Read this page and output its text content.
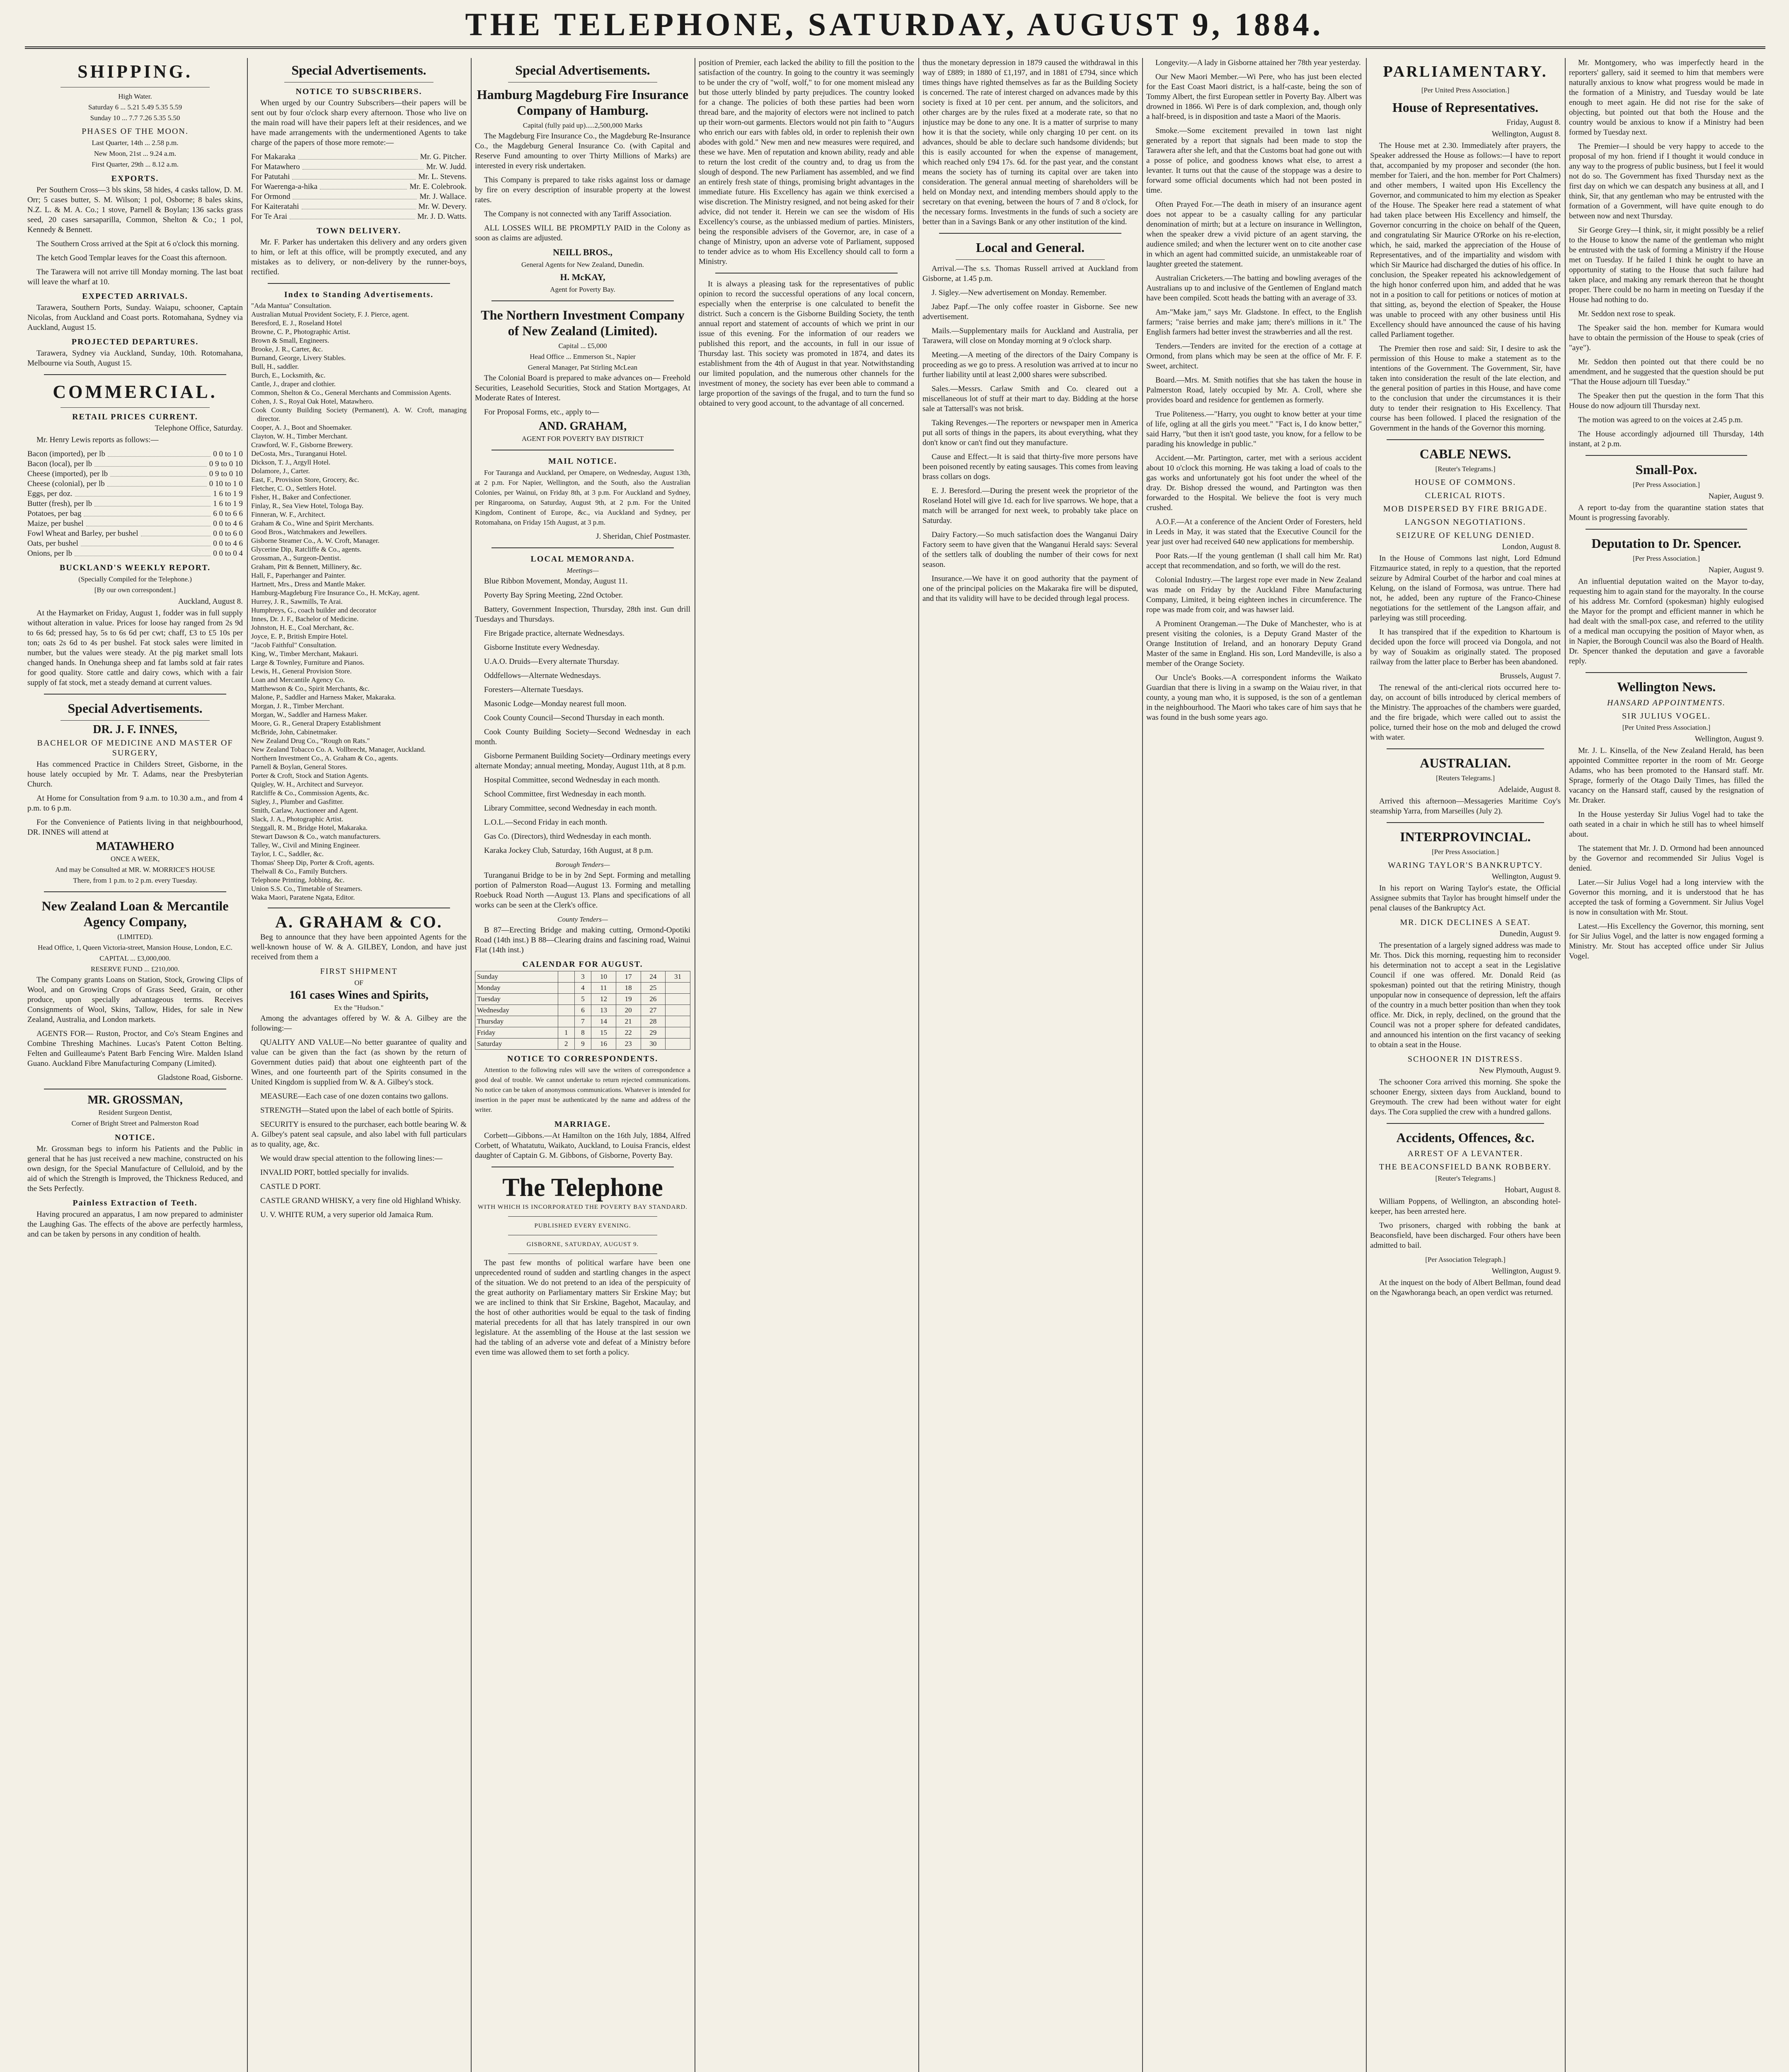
THE TELEPHONE, SATURDAY, AUGUST 9, 1884.
SHIPPING.
High Water.
Saturday 6 ... 5.21 5.49 5.35 5.59
Sunday 10 ... 7.7 7.26 5.35 5.50
PHASES OF THE MOON.
Last Quarter, 14th ... 2.58 p.m.
New Moon, 21st ... 9.24 a.m.
First Quarter, 29th ... 8.12 a.m.
EXPORTS.

Per Southern Cross—3 bls skins, 58 hides, 4 casks tallow, D. M. Orr; 5 cases butter, S. M. Wilson; 1 pol, Osborne; 8 bales skins, N.Z. L. & M. A. Co.; 1 stove, Parnell & Boylan; 136 sacks grass seed, 20 cases sarsaparilla, Common, Shelton & Co.; 1 pol, Kennedy & Bennett.

The Southern Cross arrived at the Spit at 6 o'clock this morning.

The ketch Good Templar leaves for the Coast this afternoon.

The Tarawera will not arrive till Monday morning. The last boat will leave the wharf at 10.

EXPECTED ARRIVALS.

Tarawera, Southern Ports, Sunday. Waiapu, schooner, Captain Nicolas, from Auckland and Coast ports. Rotomahana, Sydney via Auckland, August 15.

PROJECTED DEPARTURES.

Tarawera, Sydney via Auckland, Sunday, 10th. Rotomahana, Melbourne via South, August 15.

COMMERCIAL.
RETAIL PRICES CURRENT.
Telephone Office, Saturday.

Mr. Henry Lewis reports as follows:—

Bacon (imported), per lb	0 0 to 1 0
Bacon (local), per lb	0 9 to 0 10
Cheese (imported), per lb	0 9 to 0 10
Cheese (colonial), per lb	0 10 to 1 0
Eggs, per doz.	1 6 to 1 9
Butter (fresh), per lb	1 6 to 1 9
Potatoes, per bag	6 0 to 6 6
Maize, per bushel	0 0 to 4 6
Fowl Wheat and Barley, per bushel	0 0 to 6 0
Oats, per bushel	0 0 to 4 6
Onions, per lb	0 0 to 0 4
BUCKLAND'S WEEKLY REPORT.
(Specially Compiled for the Telephone.)
[By our own correspondent.]
Auckland, August 8.

At the Haymarket on Friday, August 1, fodder was in full supply without alteration in value. Prices for loose hay ranged from 2s 9d to 6s 6d; pressed hay, 5s to 6s 6d per cwt; chaff, £3 to £5 10s per ton; oats 2s 6d to 4s per bushel. Fat stock sales were limited in number, but the values were steady. At the pig market small lots changed hands. In Onehunga sheep and fat lambs sold at fair rates for good quality. Store cattle and dairy cows, which with a fair supply of fat stock, met a steady demand at current values.

Special Advertisements.
DR. J. F. INNES,
BACHELOR OF MEDICINE AND MASTER OF SURGERY,

Has commenced Practice in Childers Street, Gisborne, in the house lately occupied by Mr. T. Adams, near the Presbyterian Church.

At Home for Consultation from 9 a.m. to 10.30 a.m., and from 4 p.m. to 6 p.m.

For the Convenience of Patients living in that neighbourhood, DR. INNES will attend at

MATAWHERO
ONCE A WEEK,
And may be Consulted at MR. W. MORRICE'S HOUSE
There, from 1 p.m. to 2 p.m. every Tuesday.
New Zealand Loan & Mercantile Agency Company,
(LIMITED).
Head Office, 1, Queen Victoria-street, Mansion House, London, E.C.
CAPITAL ... £3,000,000.
RESERVE FUND ... £210,000.

The Company grants Loans on Station, Stock, Growing Clips of Wool, and on Growing Crops of Grass Seed, Grain, or other produce, upon specially advantageous terms. Receives Consignments of Wool, Skins, Tallow, Hides, for sale in New Zealand, Australia, and London markets.

AGENTS FOR— Ruston, Proctor, and Co's Steam Engines and Combine Threshing Machines. Lucas's Patent Cotton Belting. Felten and Guilleaume's Patent Barb Fencing Wire. Malden Island Guano. Auckland Fibre Manufacturing Company (Limited).

Gladstone Road, Gisborne.
MR. GROSSMAN,
Resident Surgeon Dentist,
Corner of Bright Street and Palmerston Road
NOTICE.

Mr. Grossman begs to inform his Patients and the Public in general that he has just received a new machine, constructed on his own design, for the Special Manufacture of Celluloid, and by the aid of which the Strength is Improved, the Thickness Reduced, and the Sets Perfectly.

Painless Extraction of Teeth.

Having procured an apparatus, I am now prepared to administer the Laughing Gas. The effects of the above are perfectly harmless, and can be taken by persons in any condition of health.

Special Advertisements.
NOTICE TO SUBSCRIBERS.

When urged by our Country Subscribers—their papers will be sent out by four o'clock sharp every afternoon. Those who live on the main road will have their papers left at their residences, and we have made arrangements with the undermentioned Agents to take charge of the papers of those more remote:—

For Makaraka	Mr. G. Pitcher.
For Matawhero	Mr. W. Judd.
For Patutahi	Mr. L. Stevens.
For Waerenga-a-hika	Mr. E. Colebrook.
For Ormond	Mr. J. Wallace.
For Kaiteratahi	Mr. W. Devery.
For Te Arai	Mr. J. D. Watts.
TOWN DELIVERY.

Mr. F. Parker has undertaken this delivery and any orders given to him, or left at this office, will be promptly executed, and any mistakes as to delivery, or non-delivery by the runner-boys, rectified.

Index to Standing Advertisements.
"Ada Mantua" Consultation.
Australian Mutual Provident Society, F. J. Pierce, agent.
Beresford, E. J., Roseland Hotel
Browne, C. P., Photographic Artist.
Brown & Small, Engineers.
Brooke, J. R., Carter, &c.
Burnand, George, Livery Stables.
Bull, H., saddler.
Burch, E., Locksmith, &c.
Cantle, J., draper and clothier.
Common, Shelton & Co., General Merchants and Commission Agents.
Cohen, J. S., Royal Oak Hotel, Matawhero.
Cook County Building Society (Permanent), A. W. Croft, managing director.
Cooper, A. J., Boot and Shoemaker.
Clayton, W. H., Timber Merchant.
Crawford, W. F., Gisborne Brewery.
DeCosta, Mrs., Turanganui Hotel.
Dickson, T. J., Argyll Hotel.
Dolamore, J., Carter.
East, F., Provision Store, Grocery, &c.
Fletcher, C. O., Settlers Hotel.
Fisher, H., Baker and Confectioner.
Finlay, R., Sea View Hotel, Tologa Bay.
Finneran, W. F., Architect.
Graham & Co., Wine and Spirit Merchants.
Good Bros., Watchmakers and Jewellers.
Gisborne Steamer Co., A. W. Croft, Manager.
Glycerine Dip, Ratcliffe & Co., agents.
Grossman, A., Surgeon-Dentist.
Graham, Pitt & Bennett, Millinery, &c.
Hall, F., Paperhanger and Painter.
Hartnett, Mrs., Dress and Mantle Maker.
Hamburg-Magdeburg Fire Insurance Co., H. McKay, agent.
Hurrey, J. R., Sawmills, Te Arai.
Humphreys, G., coach builder and decorator
Innes, Dr. J. F., Bachelor of Medicine.
Johnston, H. E., Coal Merchant, &c.
Joyce, E. P., British Empire Hotel.
"Jacob Faithful" Consultation.
King, W., Timber Merchant, Makauri.
Large & Townley, Furniture and Pianos.
Lewis, H., General Provision Store.
Loan and Mercantile Agency Co.
Matthewson & Co., Spirit Merchants, &c.
Malone, P., Saddler and Harness Maker, Makaraka.
Morgan, J. R., Timber Merchant.
Morgan, W., Saddler and Harness Maker.
Moore, G. R., General Drapery Establishment
McBride, John, Cabinetmaker.
New Zealand Drug Co., "Rough on Rats."
New Zealand Tobacco Co. A. Vollbrecht, Manager, Auckland.
Northern Investment Co., A. Graham & Co., agents.
Parnell & Boylan, General Stores.
Porter & Croft, Stock and Station Agents.
Quigley, W. H., Architect and Surveyor.
Ratcliffe & Co., Commission Agents, &c.
Sigley, J., Plumber and Gasfitter.
Smith, Carlaw, Auctioneer and Agent.
Slack, J. A., Photographic Artist.
Steggall, R. M., Bridge Hotel, Makaraka.
Stewart Dawson & Co., watch manufacturers.
Talley, W., Civil and Mining Engineer.
Taylor, I. C., Saddler, &c.
Thomas' Sheep Dip, Porter & Croft, agents.
Thelwall & Co., Family Butchers.
Telephone Printing, Jobbing, &c.
Union S.S. Co., Timetable of Steamers.
Waka Maori, Paratene Ngata, Editor.
A. GRAHAM & CO.

Beg to announce that they have been appointed Agents for the well-known house of W. & A. GILBEY, London, and have just received from them a

FIRST SHIPMENT
OF
161 cases Wines and Spirits,
Ex the "Hudson."

Among the advantages offered by W. & A. Gilbey are the following:—

QUALITY AND VALUE—No better guarantee of quality and value can be given than the fact (as shown by the return of Government duties paid) that about one eighteenth part of the Wines, and one fourteenth part of the Spirits consumed in the United Kingdom is supplied from W. & A. Gilbey's stock.

MEASURE—Each case of one dozen contains two gallons.

STRENGTH—Stated upon the label of each bottle of Spirits.

SECURITY is ensured to the purchaser, each bottle bearing W. & A. Gilbey's patent seal capsule, and also label with full particulars as to quality, age, &c.

We would draw special attention to the following lines:—

INVALID PORT, bottled specially for invalids.

CASTLE D PORT.

CASTLE GRAND WHISKY, a very fine old Highland Whisky.

U. V. WHITE RUM, a very superior old Jamaica Rum.

Special Advertisements.
Hamburg Magdeburg Fire Insurance Company of Hamburg.
Capital (fully paid up).....2,500,000 Marks

The Magdeburg Fire Insurance Co., the Magdeburg Re-Insurance Co., the Magdeburg General Insurance Co. (with Capital and Reserve Fund amounting to over Thirty Millions of Marks) are interested in every risk undertaken.

This Company is prepared to take risks against loss or damage by fire on every description of insurable property at the lowest rates.

The Company is not connected with any Tariff Association.

ALL LOSSES WILL BE PROMPTLY PAID in the Colony as soon as claims are adjusted.

NEILL BROS.,
General Agents for New Zealand, Dunedin.
H. McKAY,
Agent for Poverty Bay.
The Northern Investment Company of New Zealand (Limited).
Capital ... £5,000
Head Office ... Emmerson St., Napier
General Manager, Pat Stirling McLean

The Colonial Board is prepared to make advances on— Freehold Securities, Leasehold Securities, Stock and Station Mortgages, At Moderate Rates of Interest.

For Proposal Forms, etc., apply to—

AND. GRAHAM,
AGENT FOR POVERTY BAY DISTRICT
MAIL NOTICE.

For Tauranga and Auckland, per Omapere, on Wednesday, August 13th, at 2 p.m. For Napier, Wellington, and the South, also the Australian Colonies, per Wainui, on Friday 8th, at 3 p.m. For Auckland and Sydney, per Ringarooma, on Saturday, August 9th, at 2 p.m. For the United Kingdom, Continent of Europe, &c., via Auckland and Sydney, per Rotomahana, on Friday 15th August, at 3 p.m.

J. Sheridan, Chief Postmaster.
LOCAL MEMORANDA.
Meetings—

Blue Ribbon Movement, Monday, August 11.

Poverty Bay Spring Meeting, 22nd October.

Battery, Government Inspection, Thursday, 28th inst. Gun drill Tuesdays and Thursdays.

Fire Brigade practice, alternate Wednesdays.

Gisborne Institute every Wednesday.

U.A.O. Druids—Every alternate Thursday.

Oddfellows—Alternate Wednesdays.

Foresters—Alternate Tuesdays.

Masonic Lodge—Monday nearest full moon.

Cook County Council—Second Thursday in each month.

Cook County Building Society—Second Wednesday in each month.

Gisborne Permanent Building Society—Ordinary meetings every alternate Monday; annual meeting, Monday, August 11th, at 8 p.m.

Hospital Committee, second Wednesday in each month.

School Committee, first Wednesday in each month.

Library Committee, second Wednesday in each month.

L.O.L.—Second Friday in each month.

Gas Co. (Directors), third Wednesday in each month.

Karaka Jockey Club, Saturday, 16th August, at 8 p.m.

Borough Tenders—

Turanganui Bridge to be in by 2nd Sept. Forming and metalling portion of Palmerston Road—August 13. Forming and metalling Roebuck Road North —August 13. Plans and specifications of all works can be seen at the Clerk's office.

County Tenders—

B 87—Erecting Bridge and making cutting, Ormond-Opotiki Road (14th inst.) B 88—Clearing drains and fascining road, Wainui Flat (14th inst.)

CALENDAR FOR AUGUST.
Sunday		3	10	17	24	31
Monday		4	11	18	25	
Tuesday		5	12	19	26	
Wednesday		6	13	20	27	
Thursday		7	14	21	28	
Friday	1	8	15	22	29	
Saturday	2	9	16	23	30	
NOTICE TO CORRESPONDENTS.

Attention to the following rules will save the writers of correspondence a good deal of trouble. We cannot undertake to return rejected communications. No notice can be taken of anonymous communications. Whatever is intended for insertion in the paper must be authenticated by the name and address of the writer.

MARRIAGE.

Corbett—Gibbons.—At Hamilton on the 16th July, 1884, Alfred Corbett, of Whatatutu, Waikato, Auckland, to Louisa Francis, eldest daughter of Captain G. M. Gibbons, of Gisborne, Poverty Bay.

The Telephone
WITH WHICH IS INCORPORATED THE POVERTY BAY STANDARD.
PUBLISHED EVERY EVENING.
GISBORNE, SATURDAY, AUGUST 9.

The past few months of political warfare have been one unprecedented round of sudden and startling changes in the aspect of the situation. We do not pretend to an idea of the perspicuity of the great authority on Parliamentary matters Sir Erskine May; but we are inclined to think that Sir Erskine, Bagehot, Macaulay, and the host of other authorities would be equal to the task of finding material precedents for all that has lately transpired in our own legislature. At the assembling of the House at the last session we had the tabling of an adverse vote and defeat of a Ministry before even time was allowed them to set forth a policy.

position of Premier, each lacked the ability to fill the position to the satisfaction of the country. In going to the country it was seemingly to be under the cry of "wolf, wolf," to for one moment mislead any but those utterly blinded by party prejudices. The country looked for a change. The policies of both these parties had been worn thread bare, and the majority of electors were not inclined to patch up their worn-out garments. Electors would not pin faith to "Augurs who enrich our ears with fables old, in order to replenish their own abodes with gold." New men and new measures were required, and these we have. Men of reputation and known ability, ready and able to return the lost credit of the country and, to drag us from the slough of despond. The new Parliament has assembled, and we find an entirely fresh state of things, promising bright advantages in the immediate future. His Excellency has again we think exercised a wise discretion. The Ministry resigned, and not being asked for their advice, did not tender it. Herein we can see the wisdom of His Excellency's course, as the unbiassed medium of parties. Ministers, being the responsible advisers of the Governor, are, in case of a change of Ministry, upon an adverse vote of Parliament, supposed to tender advice as to whom His Excellency should call to form a Ministry.

It is always a pleasing task for the representatives of public opinion to record the successful operations of any local concern, especially when the enterprise is one calculated to benefit the district. Such a concern is the Gisborne Building Society, the tenth annual report and statement of accounts of which we print in our issue of this evening. For the information of our readers we published this report, and the accounts, in full in our issue of Thursday last. This society was promoted in 1874, and dates its establishment from the 4th of August in that year. Notwithstanding our limited population, and the numerous other channels for the investment of money, the society has ever been able to command a large proportion of the savings of the frugal, and to turn the fund so obtained to very good account, to the advantage of all concerned.

thus the monetary depression in 1879 caused the withdrawal in this way of £889; in 1880 of £1,197, and in 1881 of £794, since which times things have righted themselves as far as the Building Society is concerned. The rate of interest charged on advances made by this society is fixed at 10 per cent. per annum, and the solicitors, and other charges are by the rules fixed at a moderate rate, so that no injustice may be done to any one. It is a matter of surprise to many how it is that the society, while only charging 10 per cent. on its advances, should be able to declare such handsome dividends; but this is easily accounted for when the expense of management, which reached only £94 17s. 6d. for the past year, and the constant means the society has of turning its capital over are taken into consideration. The general annual meeting of shareholders will be held on Monday next, and intending members should apply to the secretary on that evening, between the hours of 7 and 8 o'clock, for the necessary forms. Investments in the funds of such a society are better than in a Savings Bank or any other institution of the kind.

Local and General.

Arrival.—The s.s. Thomas Russell arrived at Auckland from Gisborne, at 1.45 p.m.

J. Sigley.—New advertisement on Monday. Remember.

Jabez Papf.—The only coffee roaster in Gisborne. See new advertisement.

Mails.—Supplementary mails for Auckland and Australia, per Tarawera, will close on Monday morning at 9 o'clock sharp.

Meeting.—A meeting of the directors of the Dairy Company is proceeding as we go to press. A resolution was arrived at to incur no further liability until at least 2,000 shares were subscribed.

Sales.—Messrs. Carlaw Smith and Co. cleared out a miscellaneous lot of stuff at their mart to day. Bidding at the horse sale at Tattersall's was not brisk.

Taking Revenges.—The reporters or newspaper men in America put all sorts of things in the papers, its about everything, what they don't know or can't find out they manufacture.

Cause and Effect.—It is said that thirty-five more persons have been poisoned recently by eating sausages. This comes from leaving brass collars on dogs.

E. J. Beresford.—During the present week the proprietor of the Roseland Hotel will give 1d. each for live sparrows. We hope, that a match will be arranged for next week, to probably take place on Saturday.

Dairy Factory.—So much satisfaction does the Wanganui Dairy Factory seem to have given that the Wanganui Herald says: Several of the settlers talk of doubling the number of their cows for next season.

Insurance.—We have it on good authority that the payment of one of the principal policies on the Makaraka fire will be disputed, and that its validity will have to be decided through legal process.

Longevity.—A lady in Gisborne attained her 78th year yesterday.

Our New Maori Member.—Wi Pere, who has just been elected for the East Coast Maori district, is a half-caste, being the son of Tommy Albert, the first European settler in Poverty Bay. Albert was drowned in 1866. Wi Pere is of dark complexion, and, though only a half-breed, is in disposition and taste a Maori of the Maoris.

Smoke.—Some excitement prevailed in town last night generated by a report that signals had been made to stop the Tarawera after she left, and that the Customs boat had gone out with a posse of police, and goodness knows what else, to arrest a levanter. It turns out that the cause of the stoppage was a desire to forward some official documents which had not been posted in time.

Often Prayed For.—The death in misery of an insurance agent does not appear to be a casualty calling for any particular denomination of mirth; but at a lecture on insurance in Wellington, when the speaker drew a vivid picture of an agent starving, the audience smiled; and when the lecturer went on to cite another case in which an agent had committed suicide, an unmistakeable roar of laughter greeted the statement.

Australian Cricketers.—The batting and bowling averages of the Australians up to and inclusive of the Gentlemen of England match have been compiled. Scott heads the batting with an average of 33.

Am-"Make jam," says Mr. Gladstone. In effect, to the English farmers; "raise berries and make jam; there's millions in it." The English farmers had better invest the strawberries and all the rest.

Tenders.—Tenders are invited for the erection of a cottage at Ormond, from plans which may be seen at the office of Mr. F. F. Sweet, architect.

Board.—Mrs. M. Smith notifies that she has taken the house in Palmerston Road, lately occupied by Mr. A. Croll, where she provides board and residence for gentlemen as formerly.

True Politeness.—"Harry, you ought to know better at your time of life, ogling at all the girls you meet." "Fact is, I do know better," said Harry, "but then it isn't good taste, you know, for a fellow to be parading his knowledge in public."

Accident.—Mr. Partington, carter, met with a serious accident about 10 o'clock this morning. He was taking a load of coals to the gas works and unfortunately got his foot under the wheel of the dray. Dr. Bishop dressed the wound, and Partington was then forwarded to the Hospital. We believe the foot is very much crushed.

A.O.F.—At a conference of the Ancient Order of Foresters, held in Leeds in May, it was stated that the Executive Council for the year just over had received 640 new applications for membership.

Poor Rats.—If the young gentleman (I shall call him Mr. Rat) accept that recommendation, and so forth, we will do the rest.

Colonial Industry.—The largest rope ever made in New Zealand was made on Friday by the Auckland Fibre Manufacturing Company, Limited, it being eighteen inches in circumference. The rope was made from coir, and was hawser laid.

A Prominent Orangeman.—The Duke of Manchester, who is at present visiting the colonies, is a Deputy Grand Master of the Orange Institution of Ireland, and an honorary Deputy Grand Master of the same in England. His son, Lord Mandeville, is also a member of the Orange Society.

Our Uncle's Books.—A correspondent informs the Waikato Guardian that there is living in a swamp on the Waiau river, in that county, a young man who, it is supposed, is the son of a gentleman in the neighbourhood. The Maori who takes care of him says that he was found in the bush some years ago.

PARLIAMENTARY.
[Per United Press Association.]
House of Representatives.
Friday, August 8.
Wellington, August 8.

The House met at 2.30. Immediately after prayers, the Speaker addressed the House as follows:—I have to report that, accompanied by my proposer and seconder (the hon. member for Taieri, and the hon. member for Port Chalmers) and other members, I waited upon His Excellency the Governor, and communicated to him my election as Speaker of the House. The Speaker here read a statement of what had taken place between His Excellency and himself, the Governor concurring in the choice on behalf of the Queen, and congratulating Sir Maurice O'Rorke on his re-election, which, he said, marked the appreciation of the House of Representatives, and of the impartiality and wisdom with which Sir Maurice had discharged the duties of his office. In conclusion, the Speaker repeated his acknowledgement of the high honor conferred upon him, and added that he was not in a position to call for petitions or notices of motion at that sitting, as, beyond the election of Speaker, the House was unable to proceed with any other business until His Excellency should have announced the cause of his having called Parliament together.

The Premier then rose and said: Sir, I desire to ask the permission of this House to make a statement as to the intentions of the Government. The Government, Sir, have taken into consideration the result of the late election, and the general position of parties in this House, and have come to the conclusion that under the circumstances it is their duty to tender their resignation to His Excellency. That course has been followed. I placed the resignation of the Government in the hands of the Governor this morning.

CABLE NEWS.
[Reuter's Telegrams.]
HOUSE OF COMMONS.
CLERICAL RIOTS.
MOB DISPERSED BY FIRE BRIGADE.
LANGSON NEGOTIATIONS.
SEIZURE OF KELUNG DENIED.
London, August 8.

In the House of Commons last night, Lord Edmund Fitzmaurice stated, in reply to a question, that the reported seizure by Admiral Courbet of the harbor and coal mines at Kelung, on the island of Formosa, was untrue. There had not, he added, been any rupture of the Franco-Chinese negotiations for the settlement of the Langson affair, and parleying was still proceeding.

It has transpired that if the expedition to Khartoum is decided upon the force will proceed via Dongola, and not by way of Souakim as originally stated. The proposed railway from the latter place to Berber has been abandoned.

Brussels, August 7.

The renewal of the anti-clerical riots occurred here to-day, on account of bills introduced by clerical members of the Ministry. The approaches of the chambers were guarded, and the fire brigade, which were called out to assist the police, turned their hose on the mob and deluged the crowd with water.

AUSTRALIAN.
[Reuters Telegrams.]
Adelaide, August 8.

Arrived this afternoon—Messageries Maritime Coy's steamship Yarra, from Marseilles (July 2).

INTERPROVINCIAL.
[Per Press Association.]
WARING TAYLOR'S BANKRUPTCY.
Wellington, August 9.

In his report on Waring Taylor's estate, the Official Assignee submits that Taylor has brought himself under the penal clauses of the Bankruptcy Act.

MR. DICK DECLINES A SEAT.
Dunedin, August 9.

The presentation of a largely signed address was made to Mr. Thos. Dick this morning, requesting him to reconsider his determination not to accept a seat in the Legislative Council if one was offered. Mr. Donald Reid (as spokesman) pointed out that the retiring Ministry, though unpopular now in consequence of depression, left the affairs of the country in a much better position than when they took office. Mr. Dick, in reply, declined, on the ground that the Council was not a proper sphere for defeated candidates, and announced his intention on the first vacancy of seeking to obtain a seat in the House.

SCHOONER IN DISTRESS.
New Plymouth, August 9.

The schooner Cora arrived this morning. She spoke the schooner Energy, sixteen days from Auckland, bound to Greymouth. The crew had been without water for eight days. The Cora supplied the crew with a hundred gallons.

Accidents, Offences, &c.
ARREST OF A LEVANTER.
THE BEACONSFIELD BANK ROBBERY.
[Reuter's Telegrams.]
Hobart, August 8.

William Poppens, of Wellington, an absconding hotel-keeper, has been arrested here.

Two prisoners, charged with robbing the bank at Beaconsfield, have been discharged. Four others have been admitted to bail.

[Per Association Telegraph.]
Wellington, August 9.

At the inquest on the body of Albert Bellman, found dead on the Ngawhoranga beach, an open verdict was returned.

Mr. Montgomery, who was imperfectly heard in the reporters' gallery, said it seemed to him that members were naturally anxious to know what progress would be made in the formation of a Ministry, and Tuesday would be late enough to meet again. He did not rise for the sake of objecting, but pointed out that both the House and the country would be anxious to know if a Ministry had been formed by Tuesday next.

The Premier—I should be very happy to accede to the proposal of my hon. friend if I thought it would conduce in any way to the progress of public business, but I feel it would not do so. The Government has fixed Thursday next as the first day on which we can despatch any business at all, and I think, Sir, that any gentleman who may be entrusted with the formation of a Government, will have quite enough to do between now and next Thursday.

Sir George Grey—I think, sir, it might possibly be a relief to the House to know the name of the gentleman who might be entrusted with the task of forming a Ministry if the House met on Tuesday. If he failed I think he ought to have an opportunity of stating to the House that such failure had taken place, and making any remark thereon that he thought proper. There could be no harm in meeting on Tuesday if the House had nothing to do.

Mr. Seddon next rose to speak.

The Speaker said the hon. member for Kumara would have to obtain the permission of the House to speak (cries of "aye").

Mr. Seddon then pointed out that there could be no amendment, and he suggested that the question should be put "That the House adjourn till Tuesday."

The Speaker then put the question in the form That this House do now adjourn till Thursday next.

The motion was agreed to on the voices at 2.45 p.m.

The House accordingly adjourned till Thursday, 14th instant, at 2 p.m.

Small-Pox.
[Per Press Association.]
Napier, August 9.

A report to-day from the quarantine station states that Mount is progressing favorably.

Deputation to Dr. Spencer.
[Per Press Association.]
Napier, August 9.

An influential deputation waited on the Mayor to-day, requesting him to again stand for the mayoralty. In the course of his address Mr. Cornford (spokesman) highly eulogised the Mayor for the prompt and efficient manner in which he had dealt with the small-pox case, and referred to the utility of a medical man occupying the position of Mayor when, as in Napier, the Borough Council was also the Board of Health. Dr. Spencer thanked the deputation and gave a favorable reply.

Wellington News.
HANSARD APPOINTMENTS.
SIR JULIUS VOGEL.
[Per United Press Association.]
Wellington, August 9.

Mr. J. L. Kinsella, of the New Zealand Herald, has been appointed Committee reporter in the room of Mr. George Adams, who has been promoted to the Hansard staff. Mr. Sprage, formerly of the Otago Daily Times, has filled the vacancy on the Hansard staff, caused by the resignation of Mr. Draker.

In the House yesterday Sir Julius Vogel had to take the oath seated in a chair in which he still has to wheel himself about.

The statement that Mr. J. D. Ormond had been announced by the Governor and recommended Sir Julius Vogel is denied.

Later.—Sir Julius Vogel had a long interview with the Governor this morning, and it is understood that he has accepted the task of forming a Government. Sir Julius Vogel is now in consultation with Mr. Stout.

Latest.—His Excellency the Governor, this morning, sent for Sir Julius Vogel, and the latter is now engaged forming a Ministry. Mr. Stout has accepted office under Sir Julius Vogel.
